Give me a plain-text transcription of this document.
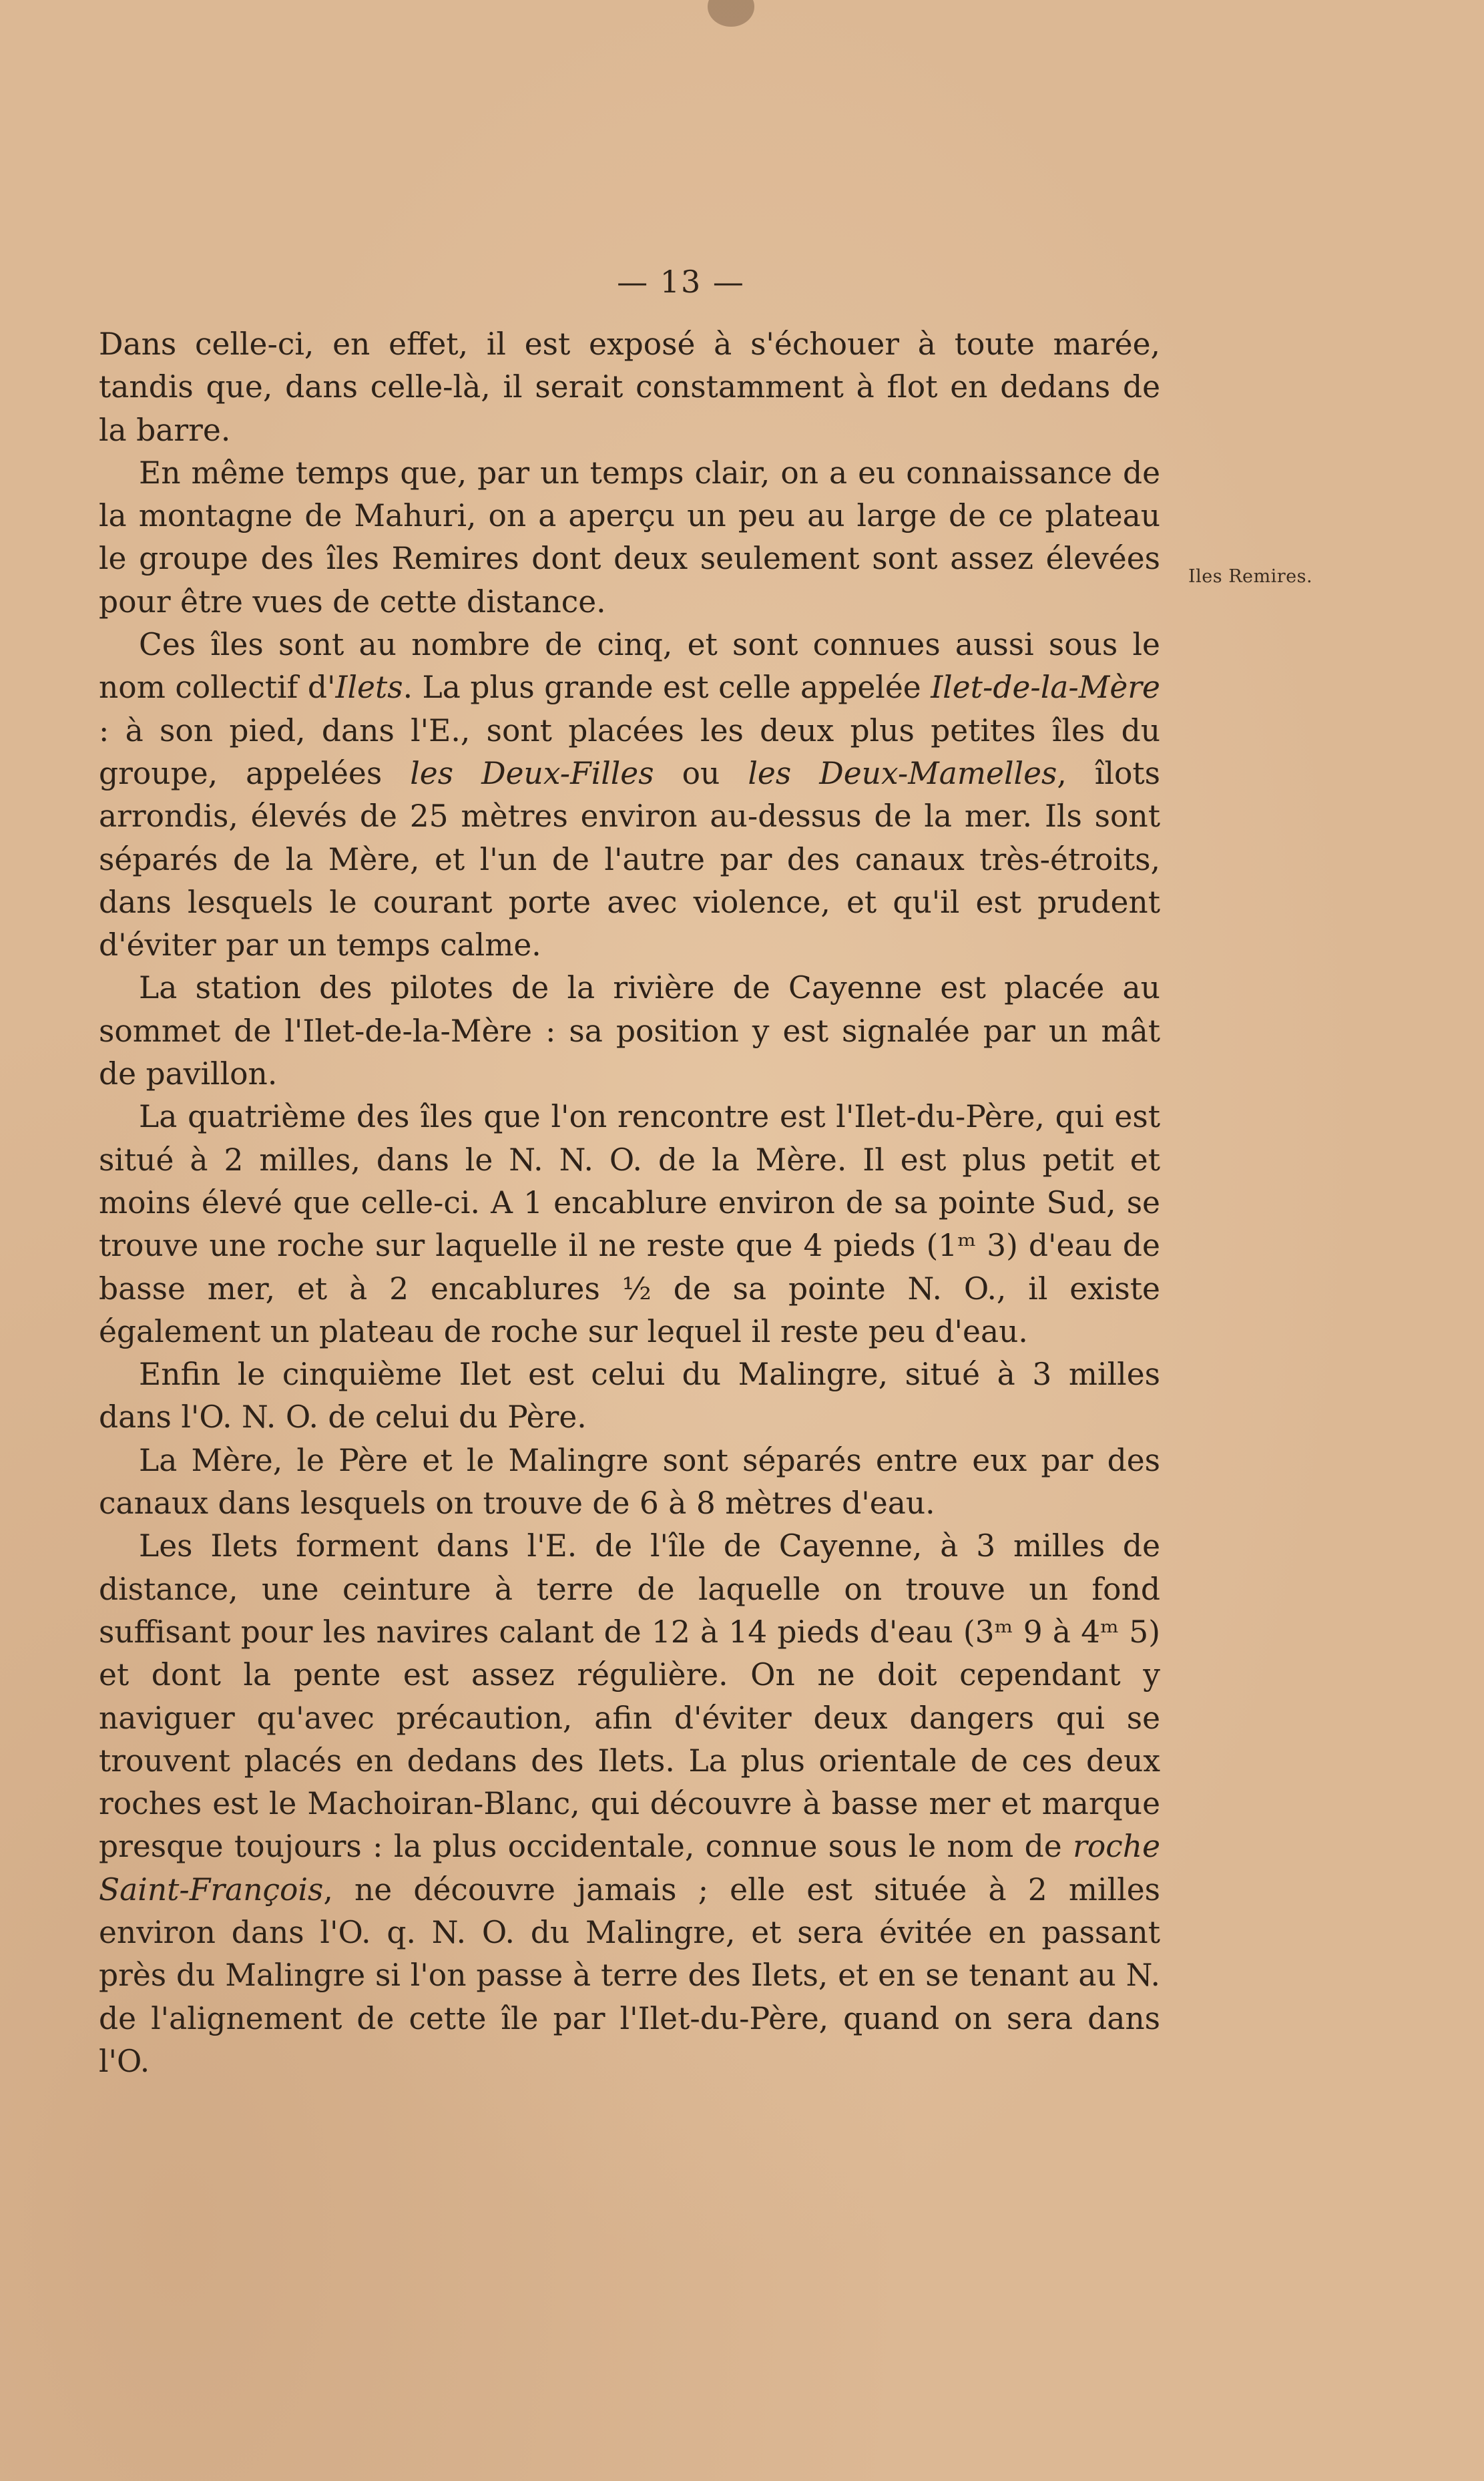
— 13 —
Iles Remires.

Dans celle-ci, en effet, il est exposé à s'échouer à toute marée, tandis que, dans celle-là, il serait constamment à flot en dedans de la barre.

En même temps que, par un temps clair, on a eu connaissance de la montagne de Mahuri, on a aperçu un peu au large de ce plateau le groupe des îles Remires dont deux seulement sont assez élevées pour être vues de cette distance.

Ces îles sont au nombre de cinq, et sont connues aussi sous le nom collectif d'Ilets. La plus grande est celle appelée Ilet-de-la-Mère : à son pied, dans l'E., sont placées les deux plus petites îles du groupe, appelées les Deux-Filles ou les Deux-Mamelles, îlots arrondis, élevés de 25 mètres environ au-dessus de la mer. Ils sont séparés de la Mère, et l'un de l'autre par des canaux très-étroits, dans lesquels le courant porte avec violence, et qu'il est prudent d'éviter par un temps calme.

La station des pilotes de la rivière de Cayenne est placée au sommet de l'Ilet-de-la-Mère : sa position y est signalée par un mât de pavillon.

La quatrième des îles que l'on rencontre est l'Ilet-du-Père, qui est situé à 2 milles, dans le N. N. O. de la Mère. Il est plus petit et moins élevé que celle-ci. A 1 encablure environ de sa pointe Sud, se trouve une roche sur laquelle il ne reste que 4 pieds (1ᵐ 3) d'eau de basse mer, et à 2 encablures ½ de sa pointe N. O., il existe également un plateau de roche sur lequel il reste peu d'eau.

Enfin le cinquième Ilet est celui du Malingre, situé à 3 milles dans l'O. N. O. de celui du Père.

La Mère, le Père et le Malingre sont séparés entre eux par des canaux dans lesquels on trouve de 6 à 8 mètres d'eau.

Les Ilets forment dans l'E. de l'île de Cayenne, à 3 milles de distance, une ceinture à terre de laquelle on trouve un fond suffisant pour les navires calant de 12 à 14 pieds d'eau (3ᵐ 9 à 4ᵐ 5) et dont la pente est assez régulière. On ne doit cependant y naviguer qu'avec précaution, afin d'éviter deux dangers qui se trouvent placés en dedans des Ilets. La plus orientale de ces deux roches est le Machoiran-Blanc, qui découvre à basse mer et marque presque toujours : la plus occidentale, connue sous le nom de roche Saint-François, ne découvre jamais ; elle est située à 2 milles environ dans l'O. q. N. O. du Malingre, et sera évitée en passant près du Malingre si l'on passe à terre des Ilets, et en se tenant au N. de l'alignement de cette île par l'Ilet-du-Père, quand on sera dans l'O.
